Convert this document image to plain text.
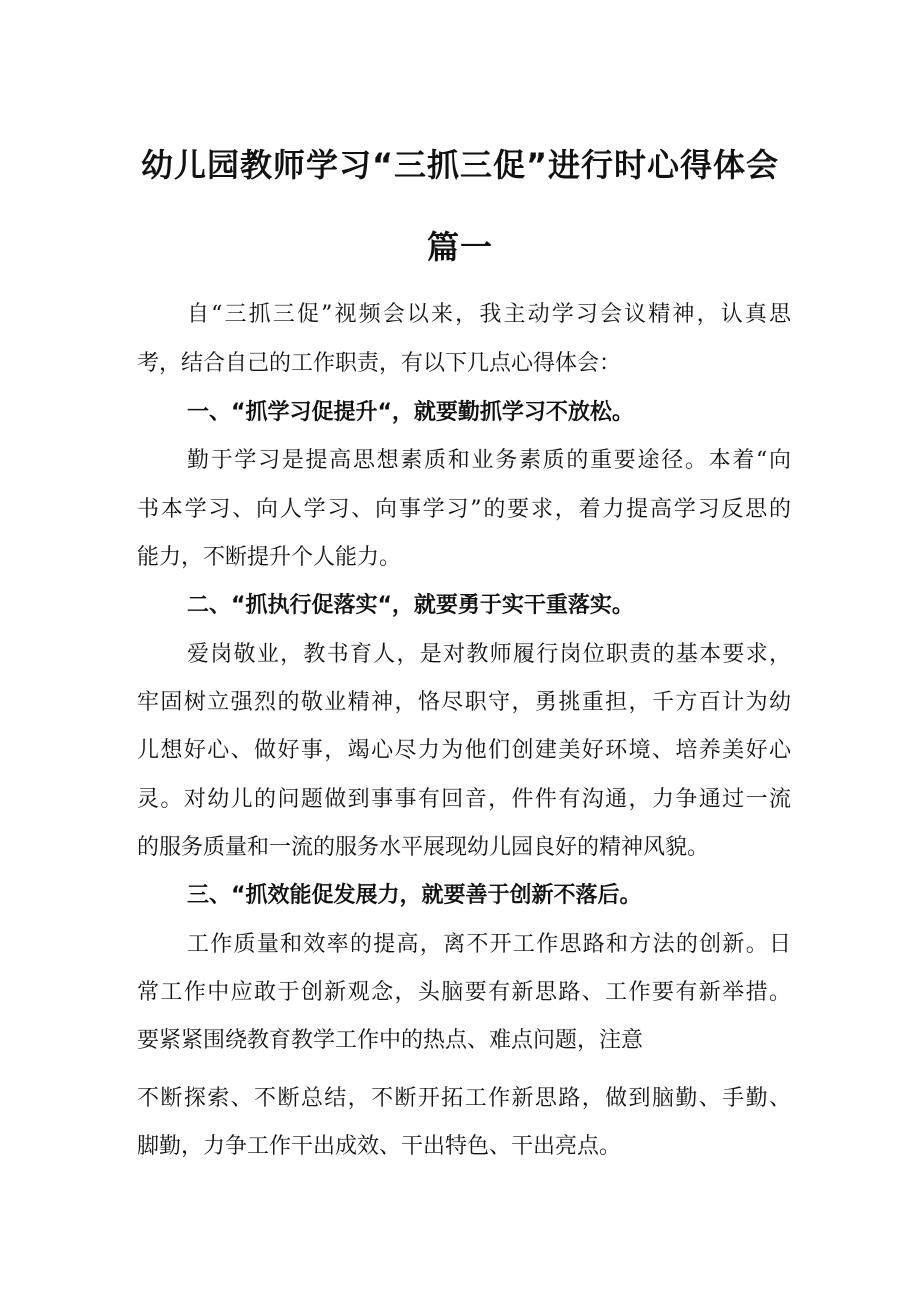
幼儿园教师学习“三抓三促”进行时心得体会
篇一
自“三抓三促”视频会以来，我主动学习会议精神，认真思
考，结合自己的工作职责，有以下几点心得体会：
一、“抓学习促提升“，就要勤抓学习不放松。
勤于学习是提高思想素质和业务素质的重要途径。本着“向
书本学习、向人学习、向事学习”的要求，着力提高学习反思的
能力，不断提升个人能力。
二、“抓执行促落实“，就要勇于实干重落实。
爱岗敬业，教书育人，是对教师履行岗位职责的基本要求，
牢固树立强烈的敬业精神，恪尽职守，勇挑重担，千方百计为幼
儿想好心、做好事，竭心尽力为他们创建美好环境、培养美好心
灵。对幼儿的问题做到事事有回音，件件有沟通，力争通过一流
的服务质量和一流的服务水平展现幼儿园良好的精神风貌。
三、“抓效能促发展力，就要善于创新不落后。
工作质量和效率的提高，离不开工作思路和方法的创新。日
常工作中应敢于创新观念，头脑要有新思路、工作要有新举措。
要紧紧围绕教育教学工作中的热点、难点问题，注意
不断探索、不断总结，不断开拓工作新思路，做到脑勤、手勤、
脚勤，力争工作干出成效、干出特色、干出亮点。
